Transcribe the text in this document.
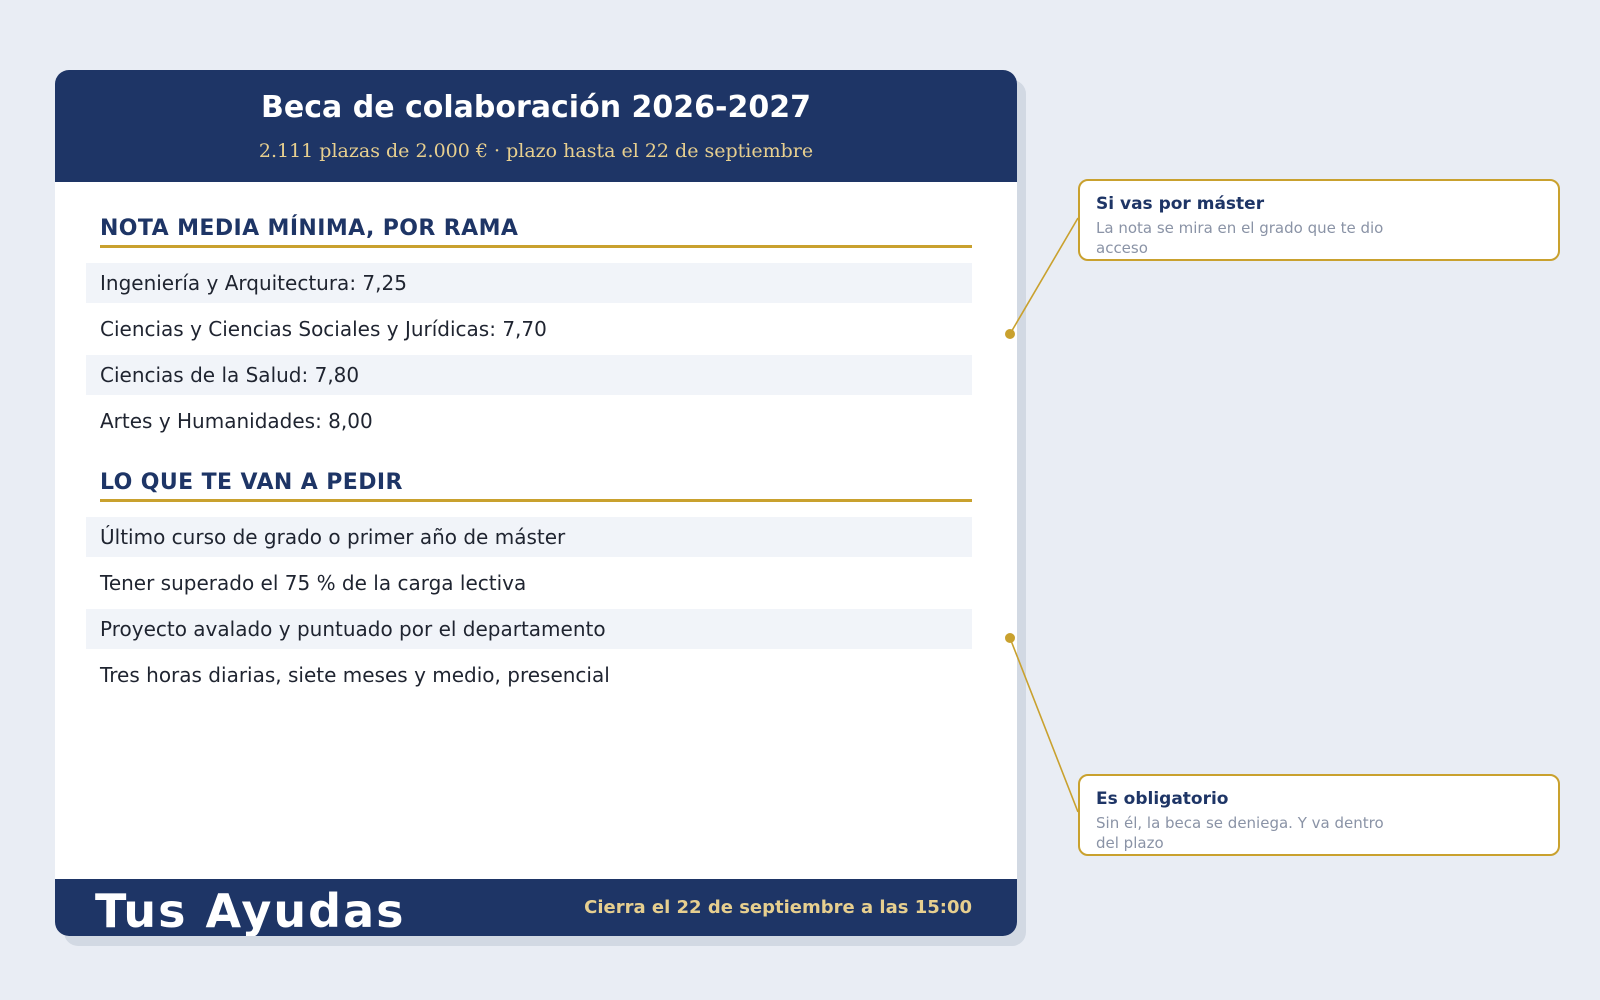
Beca de colaboración 2026-2027
2.111 plazas de 2.000 € · plazo hasta el 22 de septiembre
NOTA MEDIA MÍNIMA, POR RAMA
Ingeniería y Arquitectura: 7,25
Ciencias y Ciencias Sociales y Jurídicas: 7,70
Ciencias de la Salud: 7,80
Artes y Humanidades: 8,00
LO QUE TE VAN A PEDIR
Último curso de grado o primer año de máster
Tener superado el 75 % de la carga lectiva
Proyecto avalado y puntuado por el departamento
Tres horas diarias, siete meses y medio, presencial
Tus Ayudas	Cierra el 22 de septiembre a las 15:00
Si vas por máster
La nota se mira en el grado que te dio acceso
Es obligatorio
Sin él, la beca se deniega. Y va dentro del plazo
